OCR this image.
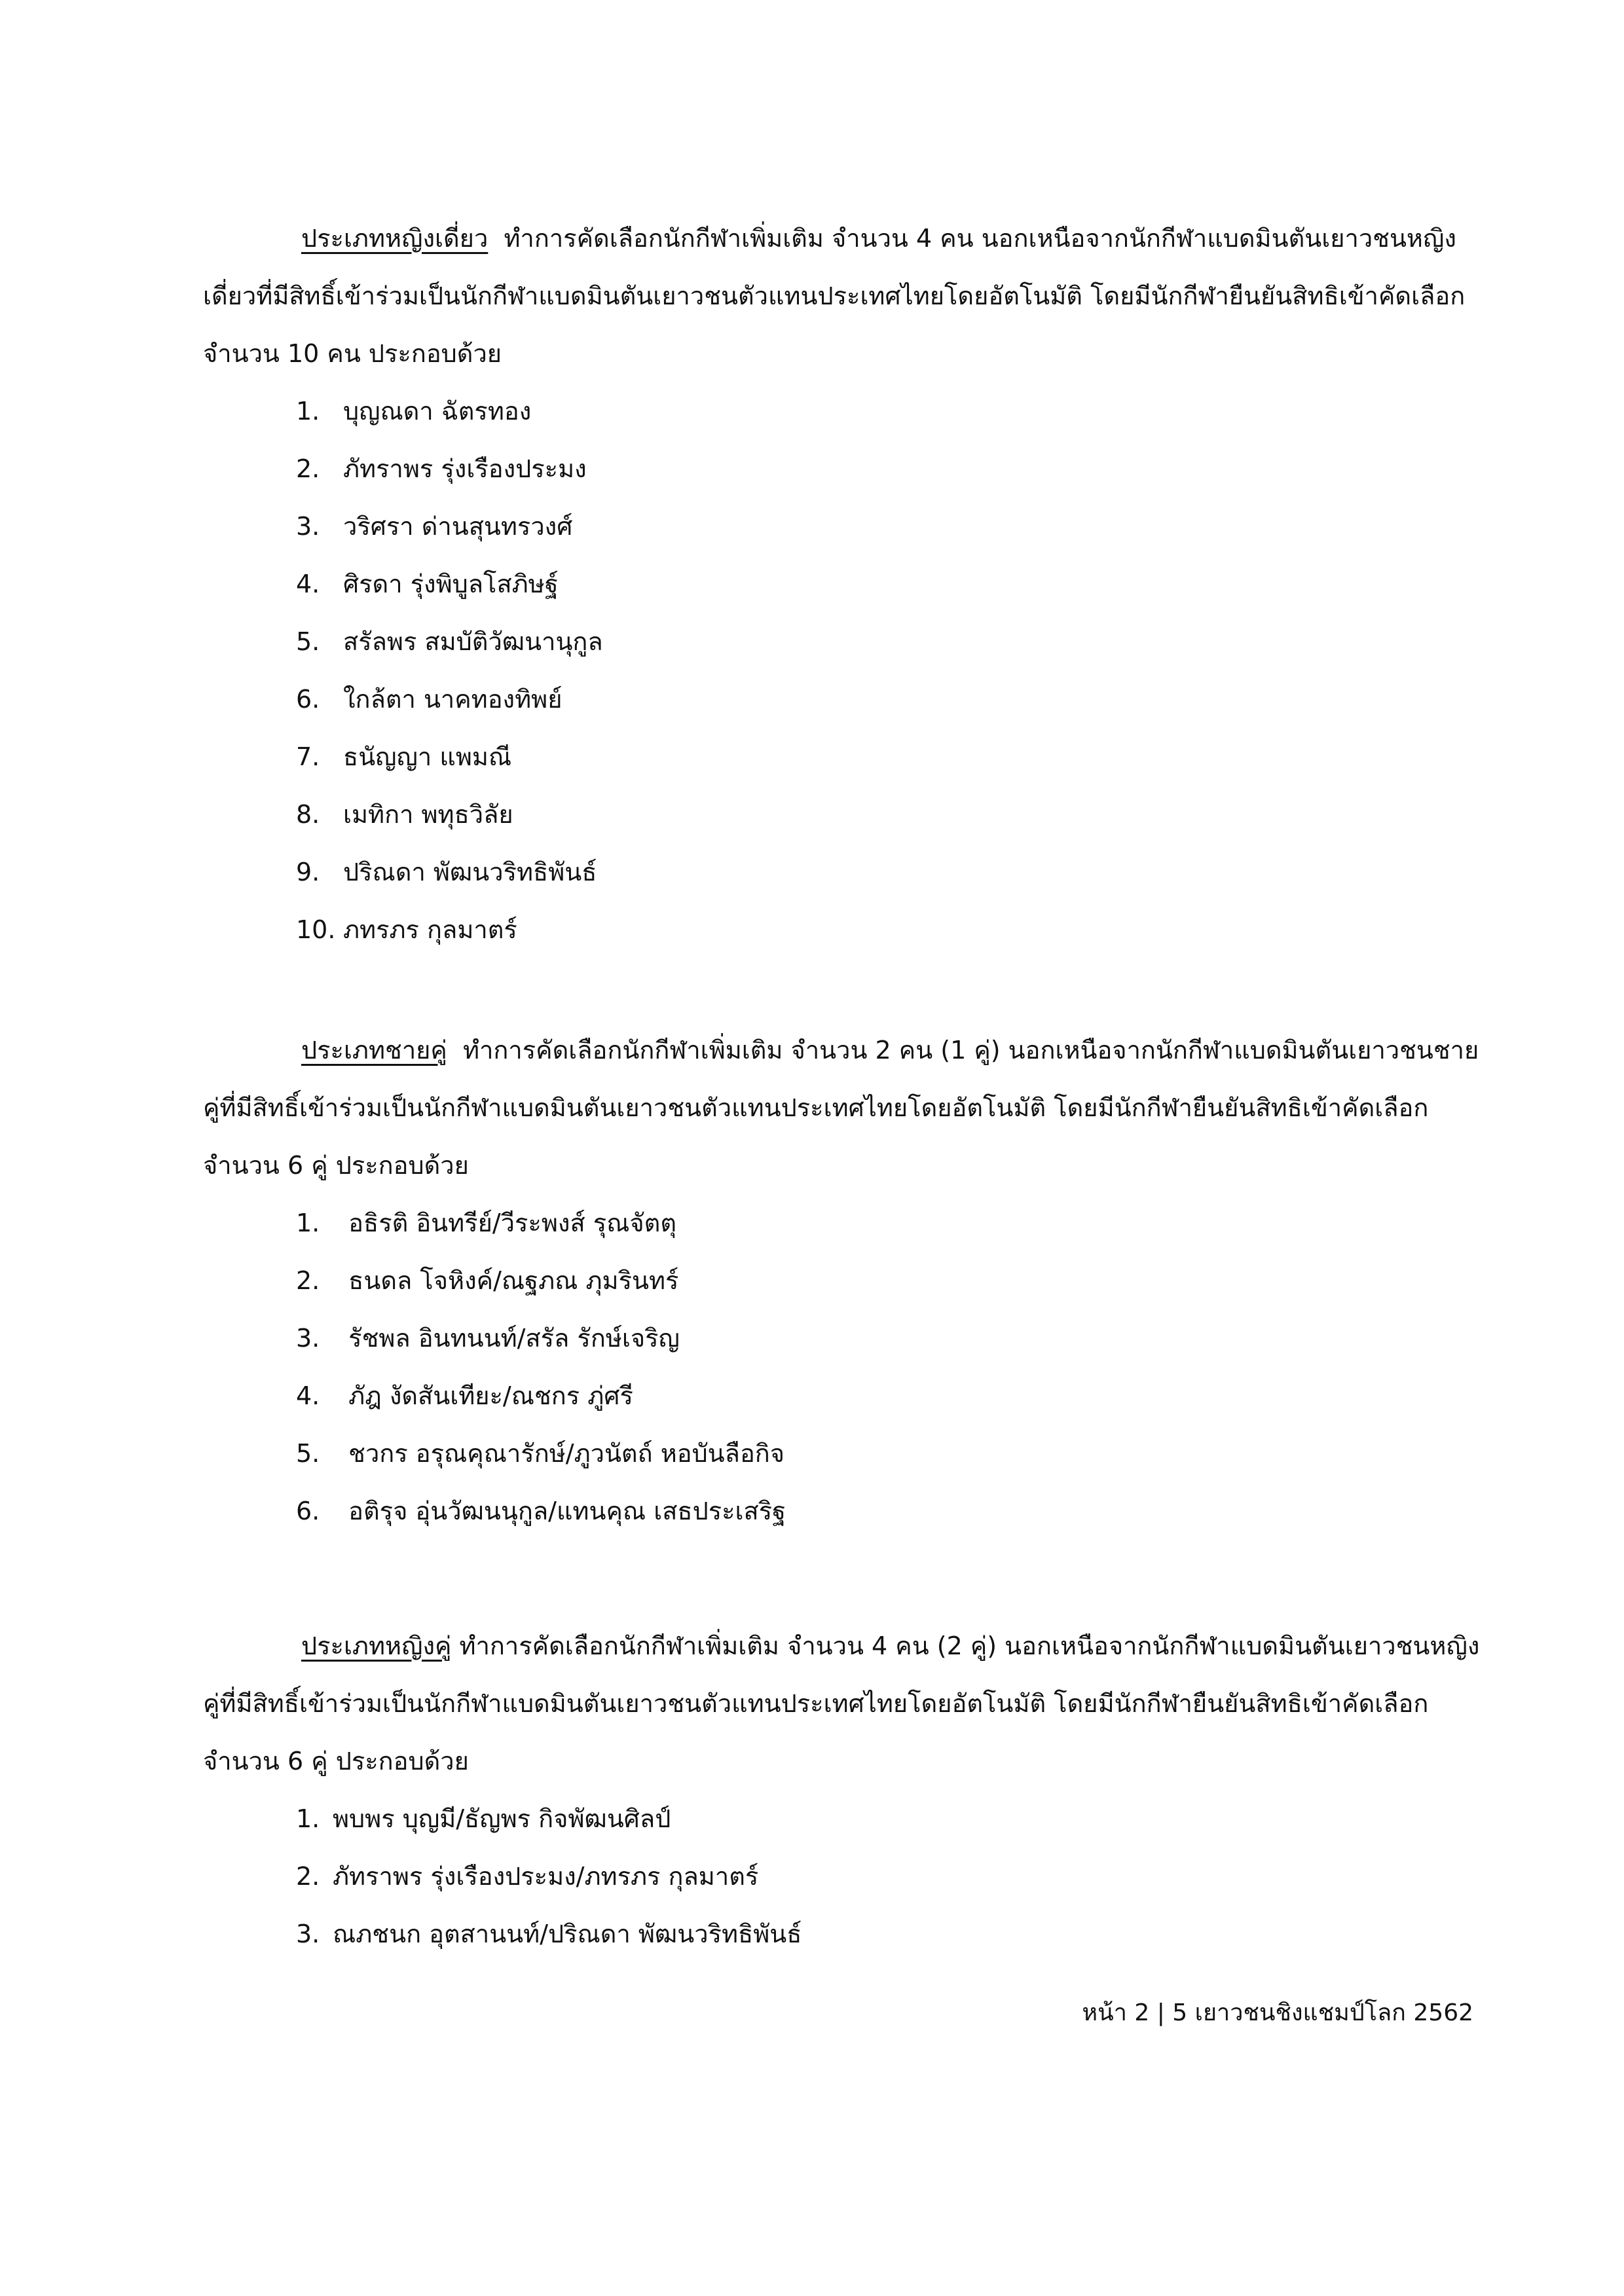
ประเภทหญิงเดี่ยว ทำการคัดเลือกนักกีฬาเพิ่มเติม จำนวน 4 คน นอกเหนือจากนักกีฬาแบดมินตันเยาวชนหญิงเดี่ยวที่มีสิทธิ์เข้าร่วมเป็นนักกีฬาแบดมินตันเยาวชนตัวแทนประเทศไทยโดยอัตโนมัติ โดยมีนักกีฬายืนยันสิทธิเข้าคัดเลือกจำนวน 10 คน ประกอบด้วย

1. บุญณดา ฉัตรทอง
2. ภัทราพร รุ่งเรืองประมง
3. วริศรา ด่านสุนทรวงศ์
4. ศิรดา รุ่งพิบูลโสภิษฐ์
5. สรัลพร สมบัติวัฒนานุกูล
6. ใกล้ตา นาคทองทิพย์
7. ธนัญญา แพมณี
8. เมทิกา พทุธวิลัย
9. ปริณดา พัฒนวริทธิพันธ์
10. ภทรภร กุลมาตร์

ประเภทชายคู่ ทำการคัดเลือกนักกีฬาเพิ่มเติม จำนวน 2 คน (1 คู่) นอกเหนือจากนักกีฬาแบดมินตันเยาวชนชายคู่ที่มีสิทธิ์เข้าร่วมเป็นนักกีฬาแบดมินตันเยาวชนตัวแทนประเทศไทยโดยอัตโนมัติ โดยมีนักกีฬายืนยันสิทธิเข้าคัดเลือกจำนวน 6 คู่ ประกอบด้วย

1. อธิรติ อินทรีย์/วีระพงส์ รุณจัตตุ
2. ธนดล โจหิงค์/ณฐภณ ภุมรินทร์
3. รัชพล อินทนนท์/สรัล รักษ์เจริญ
4. ภัฎ งัดสันเทียะ/ณชกร ภู่ศรี
5. ชวกร อรุณคุณารักษ์/ภูวนัตถ์ หอบันลือกิจ
6. อติรุจ อุ่นวัฒนนุกูล/แทนคุณ เสธประเสริฐ

ประเภทหญิงคู่ ทำการคัดเลือกนักกีฬาเพิ่มเติม จำนวน 4 คน (2 คู่) นอกเหนือจากนักกีฬาแบดมินตันเยาวชนหญิงคู่ที่มีสิทธิ์เข้าร่วมเป็นนักกีฬาแบดมินตันเยาวชนตัวแทนประเทศไทยโดยอัตโนมัติ โดยมีนักกีฬายืนยันสิทธิเข้าคัดเลือกจำนวน 6 คู่ ประกอบด้วย

1. พบพร บุญมี/ธัญพร กิจพัฒนศิลป์
2. ภัทราพร รุ่งเรืองประมง/ภทรภร กุลมาตร์
3. ณภชนก อุตสานนท์/ปริณดา พัฒนวริทธิพันธ์
หน้า 2 | 5 เยาวชนชิงแชมป์โลก 2562
